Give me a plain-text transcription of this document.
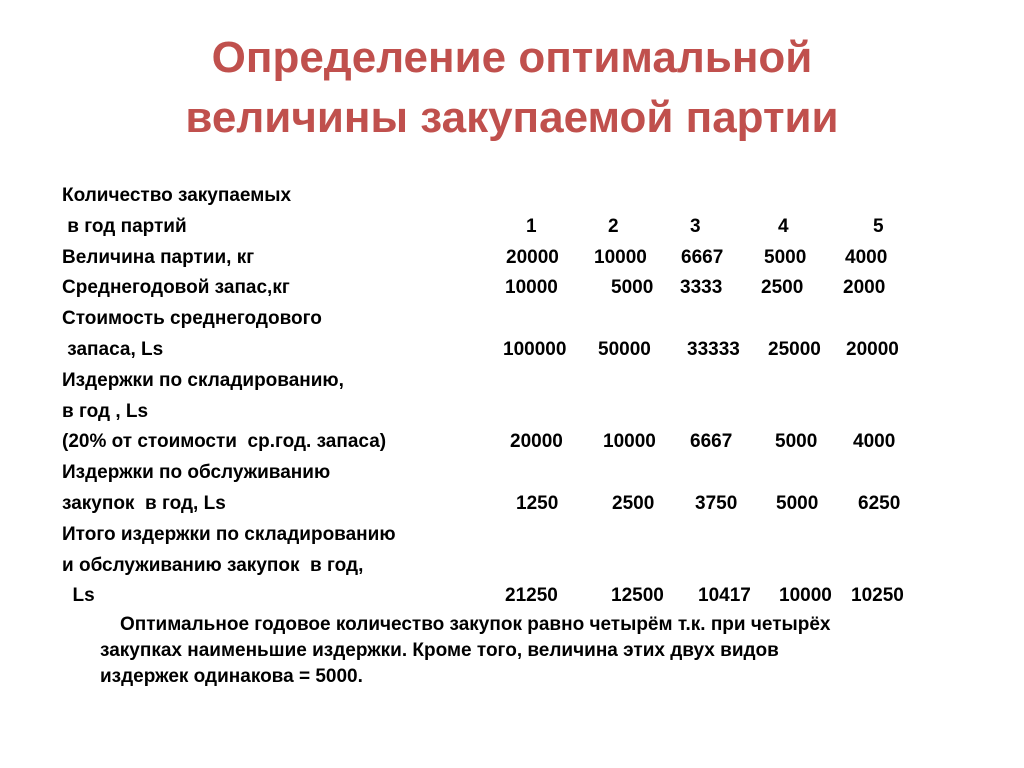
Определение оптимальной
величины закупаемой партии
Количество закупаемых
в год партий	1	2	3	4	5
Величина партии, кг	20000 10000 6667 5000 4000
Среднегодовой запас,кг	10000	5000 3333 2500 2000
Стоимость среднегодового
запаса, Ls	100000 50000 33333 25000 20000
Издержки по складированию,
в год , Ls
(20% от стоимости  ср.год. запаса)	20000 10000 6667 5000 4000
Издержки по обслуживанию
закупок  в год, Ls	1250	2500 3750 5000 6250
Итого издержки по складированию
и обслуживанию закупок  в год,
Ls	21250	12500 10417 10000 10250
Оптимальное годовое количество закупок равно четырём т.к. при четырёх
закупках наименьшие издержки. Кроме того, величина этих двух видов
издержек одинакова = 5000.
